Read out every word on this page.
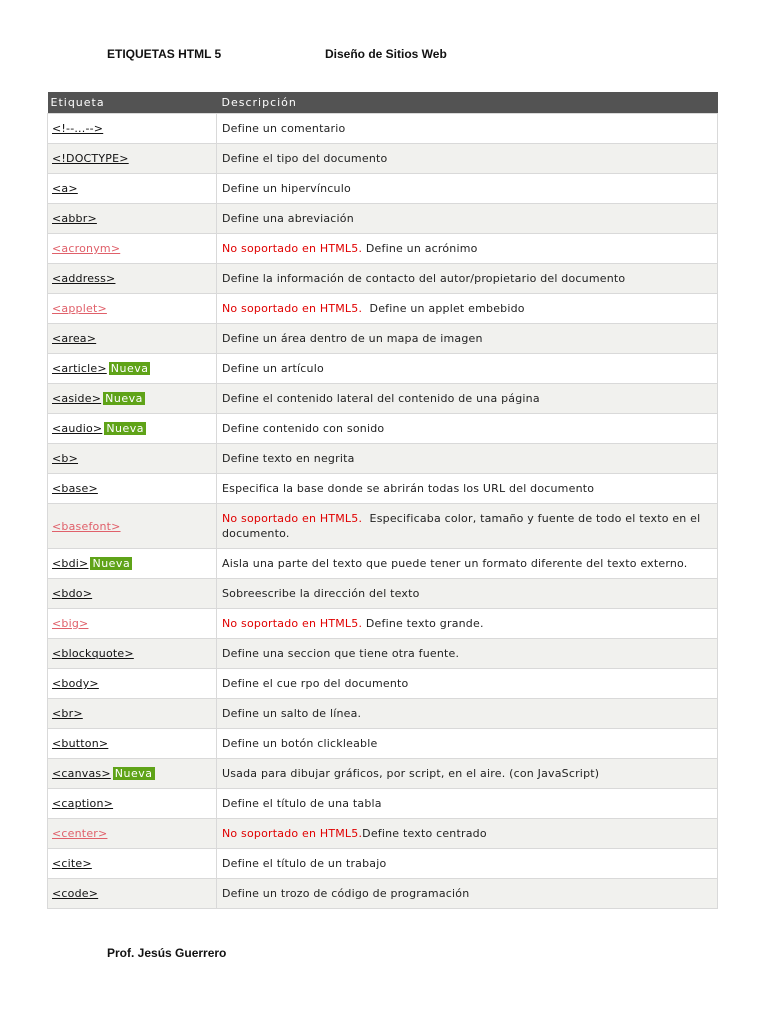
ETIQUETAS HTML 5	Diseño de Sitios Web
Etiqueta	Descripción
<!--...-->	Define un comentario
<!DOCTYPE>	Define el tipo del documento
<a>	Define un hipervínculo
<abbr>	Define una abreviación
<acronym>	No soportado en HTML5. Define un acrónimo
<address>	Define la información de contacto del autor/propietario del documento
<applet>	No soportado en HTML5.  Define un applet embebido
<area>	Define un área dentro de un mapa de imagen
<article> Nueva	Define un artículo
<aside> Nueva	Define el contenido lateral del contenido de una página
<audio> Nueva	Define contenido con sonido
<b>	Define texto en negrita
<base>	Especifica la base donde se abrirán todas los URL del documento
<basefont>	No soportado en HTML5.  Especificaba color, tamaño y fuente de todo el texto en el documento.
<bdi> Nueva	Aisla una parte del texto que puede tener un formato diferente del texto externo.
<bdo>	Sobreescribe la dirección del texto
<big>	No soportado en HTML5. Define texto grande.
<blockquote>	Define una seccion que tiene otra fuente.
<body>	Define el cue rpo del documento
<br>	Define un salto de línea.
<button>	Define un botón clickleable
<canvas> Nueva	Usada para dibujar gráficos, por script, en el aire. (con JavaScript)
<caption>	Define el título de una tabla
<center>	No soportado en HTML5.Define texto centrado
<cite>	Define el título de un trabajo
<code>	Define un trozo de código de programación
Prof. Jesús Guerrero
